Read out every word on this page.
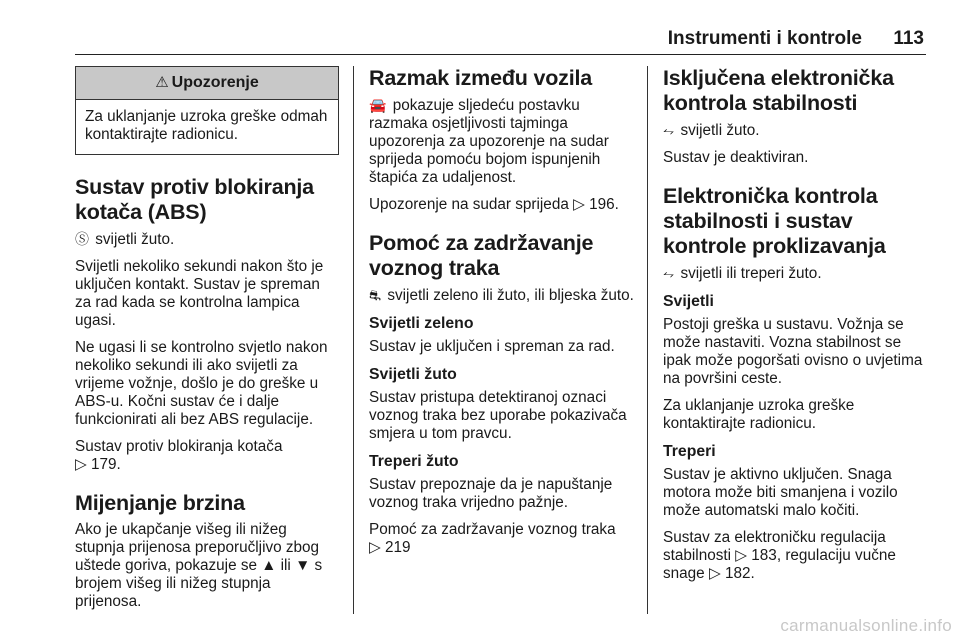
Instrumenti i kontrole 113
⚠ Upozorenje
Za uklanjanje uzroka greške odmah kontaktirajte radionicu.
Sustav protiv blokiranja kotača (ABS)

Ⓢ svijetli žuto.

Svijetli nekoliko sekundi nakon što je uključen kontakt. Sustav je spreman za rad kada se kontrolna lampica ugasi.

Ne ugasi li se kontrolno svjetlo nakon nekoliko sekundi ili ako svijetli za vrijeme vožnje, došlo je do greške u ABS-u. Kočni sustav će i dalje funkcionirati ali bez ABS regulacije.

Sustav protiv blokiranja kotača
▷ 179.

Mijenjanje brzina

Ako je ukapčanje višeg ili nižeg stupnja prijenosa preporučljivo zbog uštede goriva, pokazuje se ▲ ili ▼ s brojem višeg ili nižeg stupnja prijenosa.

Razmak između vozila

🚘 pokazuje sljedeću postavku razmaka osjetljivosti tajminga upozorenja za upozorenje na sudar sprijeda pomoću bojom ispunjenih štapića za udaljenost.

Upozorenje na sudar sprijeda ▷ 196.

Pomoć za zadržavanje voznog traka

⛐ svijetli zeleno ili žuto, ili bljeska žuto.

Svijetli zeleno

Sustav je uključen i spreman za rad.

Svijetli žuto

Sustav pristupa detektiranoj oznaci voznog traka bez uporabe pokazivača smjera u tom pravcu.

Treperi žuto

Sustav prepoznaje da je napuštanje voznog traka vrijedno pažnje.

Pomoć za zadržavanje voznog traka
▷ 219

Isključena elektronička kontrola stabilnosti

⥊ svijetli žuto.

Sustav je deaktiviran.

Elektronička kontrola stabilnosti i sustav kontrole proklizavanja

⥊ svijetli ili treperi žuto.

Svijetli

Postoji greška u sustavu. Vožnja se može nastaviti. Vozna stabilnost se ipak može pogoršati ovisno o uvjetima na površini ceste.

Za uklanjanje uzroka greške kontaktirajte radionicu.

Treperi

Sustav je aktivno uključen. Snaga motora može biti smanjena i vozilo može automatski malo kočiti.

Sustav za elektroničku regulacija stabilnosti ▷ 183, regulaciju vučne snage ▷ 182.

carmanualsonline.info
